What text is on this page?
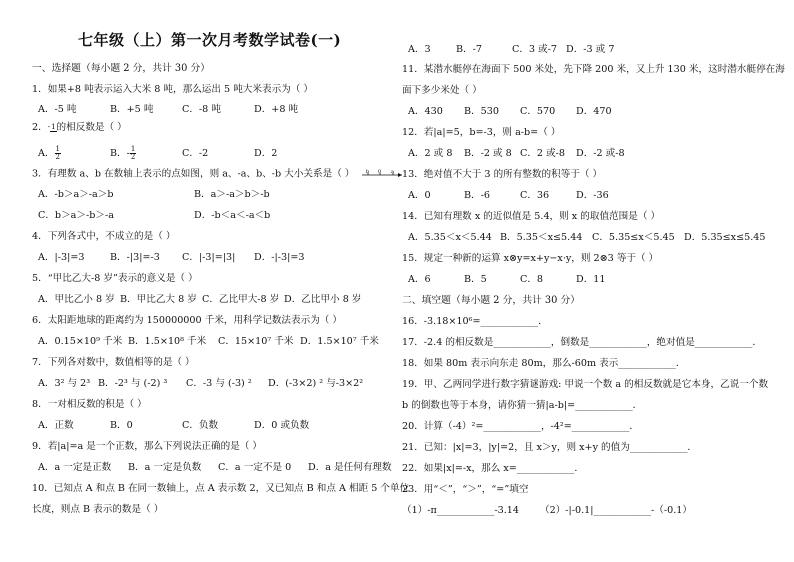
七年级（上）第一次月考数学试卷(一)
一、选择题（每小题 2 分，共计 30 分）
1．如果+8 吨表示运入大米 8 吨，那么运出 5 吨大米表示为（ ）
A．-5 吨	B．+5 吨	C．-8 吨	D．+8 吨
2．-1的相反数是（ ）
A． $\frac{1}{2}$	B．- $\frac{1}{2}$	C．-2	D．2
3．有理数 a、b 在数轴上表示的点如图，则 a、-a、b、-b 大小关系是（ ） b 0 a
A．-b＞a＞-a＞b	B．a＞-a＞b＞-b
C．b＞a＞-b＞-a	D．-b＜a＜-a＜b
4．下列各式中，不成立的是（ ）
A．|-3|=3	B．-|3|=-3 C．|-3|=|3| D．-|-3|=3
5．“甲比乙大-8 岁”表示的意义是（ ）
A．甲比乙小 8 岁 B．甲比乙大 8 岁 C．乙比甲大-8 岁 D．乙比甲小 8 岁
6．太阳距地球的距离约为 150000000 千米，用科学记数法表示为（ ）
A．0.15×10⁹ 千米 B．1.5×10⁸ 千米 C．15×10⁷ 千米 D．1.5×10⁷ 千米
7．下列各对数中，数值相等的是（ ）
A．3² 与 2³ B．-2³ 与 (-2) ³ C．-3 与 (-3) ² D．(-3×2) ² 与-3×2²
8．一对相反数的积是（ ）
A．正数	B．0	C．负数	D．0 或负数
9．若|a|=a 是一个正数，那么下列说法正确的是（ ）
A．a 一定是正数 B．a 一定是负数 C．a 一定不是 0 D．a 是任何有理数
10．已知点 A 和点 B 在同一数轴上，点 A 表示数 2，又已知点 B 和点 A 相距 5 个单位
长度，则点 B 表示的数是（ ）
A．3	B．-7	C．3 或-7 D．-3 或 7
11．某潜水艇停在海面下 500 米处，先下降 200 米，又上升 130 米，这时潜水艇停在海
面下多少米处（ ）
A．430 B．530 C．570 D．470
12．若|a|=5，b=-3，则 a-b=（ ）
A．2 或 8 B．-2 或 8 C．2 或-8 D．-2 或-8
13．绝对值不大于 3 的所有整数的积等于（ ）
A．0	B．-6	C．36	D．-36
14．已知有理数 x 的近似值是 5.4，则 x 的取值范围是（ ）
A．5.35＜x＜5.44 B．5.35＜x≤5.44 C．5.35≤x＜5.45 D．5.35≤x≤5.45
15．规定一种新的运算 x⊗y=x+y−x·y，则 2⊗3 等于（ ）
A．6	B．5	C．8	D．11
二、填空题（每小题 2 分，共计 30 分）
16．-3.18×10⁶=____________．
17．-2.4 的相反数是____________，倒数是____________，绝对值是____________．
18．如果 80m 表示向东走 80m，那么-60m 表示____________．
19．甲、乙两同学进行数字猜谜游戏: 甲说一个数 a 的相反数就是它本身，乙说一个数
b 的倒数也等于本身，请你猜一猜|a-b|=____________．
20．计算（-4）²=____________，-4²=____________．
21．已知：|x|=3，|y|=2，且 x＞y，则 x+y 的值为____________．
22．如果|x|=-x，那么 x=____________．
23．用“＜”，“＞”，“=”填空
（1）-π____________-3.14 （2）-|-0.1|____________-（-0.1）
